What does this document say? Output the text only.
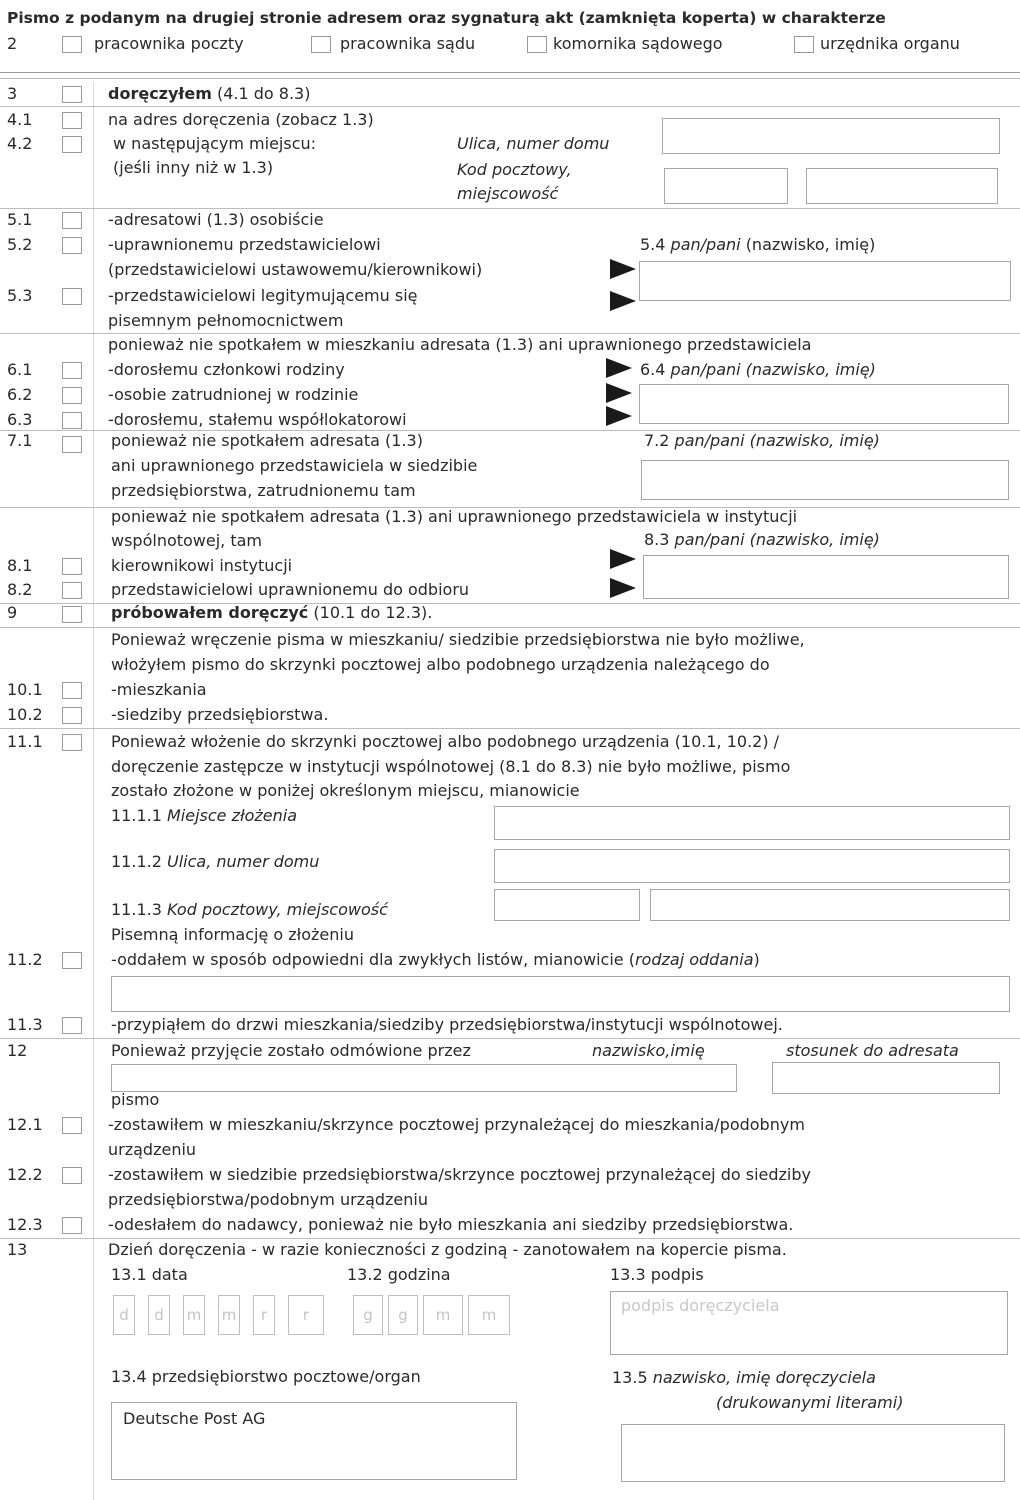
Pismo z podanym na drugiej stronie adresem oraz sygnaturą akt (zamknięta koperta) w charakterze
2	pracownika poczty	pracownika sądu	komornika sądowego	urzędnika organu
3	doręczyłem (4.1 do 8.3)
4.1	na adres doręczenia (zobacz 1.3)
4.2	w następującym miejscu:
(jeśli inny niż w 1.3)
Ulica, numer domu
Kod pocztowy,
miejscowość
5.1	-adresatowi (1.3) osobiście
5.2	-uprawnionemu przedstawicielowi
(przedstawicielowi ustawowemu/kierownikowi)
5.3	-przedstawicielowi legitymującemu się
pisemnym pełnomocnictwem
5.4 pan/pani (nazwisko, imię)
ponieważ nie spotkałem w mieszkaniu adresata (1.3) ani uprawnionego przedstawiciela
6.1	-dorosłemu członkowi rodziny
6.2	-osobie zatrudnionej w rodzinie
6.3	-dorosłemu, stałemu współlokatorowi
6.4 pan/pani (nazwisko, imię)
7.1	ponieważ nie spotkałem adresata (1.3)
ani uprawnionego przedstawiciela w siedzibie
przedsiębiorstwa, zatrudnionemu tam
7.2 pan/pani (nazwisko, imię)
ponieważ nie spotkałem adresata (1.3) ani uprawnionego przedstawiciela w instytucji
wspólnotowej, tam
8.1	kierownikowi instytucji
8.2	przedstawicielowi uprawnionemu do odbioru
8.3 pan/pani (nazwisko, imię)
9	próbowałem doręczyć (10.1 do 12.3).
Ponieważ wręczenie pisma w mieszkaniu/ siedzibie przedsiębiorstwa nie było możliwe,
włożyłem pismo do skrzynki pocztowej albo podobnego urządzenia należącego do
10.1	-mieszkania
10.2	-siedziby przedsiębiorstwa.
11.1	Ponieważ włożenie do skrzynki pocztowej albo podobnego urządzenia (10.1, 10.2) /
doręczenie zastępcze w instytucji wspólnotowej (8.1 do 8.3) nie było możliwe, pismo
zostało złożone w poniżej określonym miejscu, mianowicie
11.1.1 Miejsce złożenia
11.1.2 Ulica, numer domu
11.1.3 Kod pocztowy, miejscowość
Pisemną informację o złożeniu
11.2	-oddałem w sposób odpowiedni dla zwykłych listów, mianowicie (rodzaj oddania)
11.3	-przypiąłem do drzwi mieszkania/siedziby przedsiębiorstwa/instytucji wspólnotowej.
12	Ponieważ przyjęcie zostało odmówione przez	nazwisko,imię	stosunek do adresata
pismo
12.1	-zostawiłem w mieszkaniu/skrzynce pocztowej przynależącej do mieszkania/podobnym
urządzeniu
12.2	-zostawiłem w siedzibie przedsiębiorstwa/skrzynce pocztowej przynależącej do siedziby
przedsiębiorstwa/podobnym urządzeniu
12.3	-odesłałem do nadawcy, ponieważ nie było mieszkania ani siedziby przedsiębiorstwa.
13	Dzień doręczenia - w razie konieczności z godziną - zanotowałem na kopercie pisma.
13.1 data	13.2 godzina	13.3 podpis
d	d	m m	r	r	g	g	m	m	podpis doręczyciela
13.4 przedsiębiorstwo pocztowe/organ	13.5 nazwisko, imię doręczyciela
(drukowanymi literami)
Deutsche Post AG
